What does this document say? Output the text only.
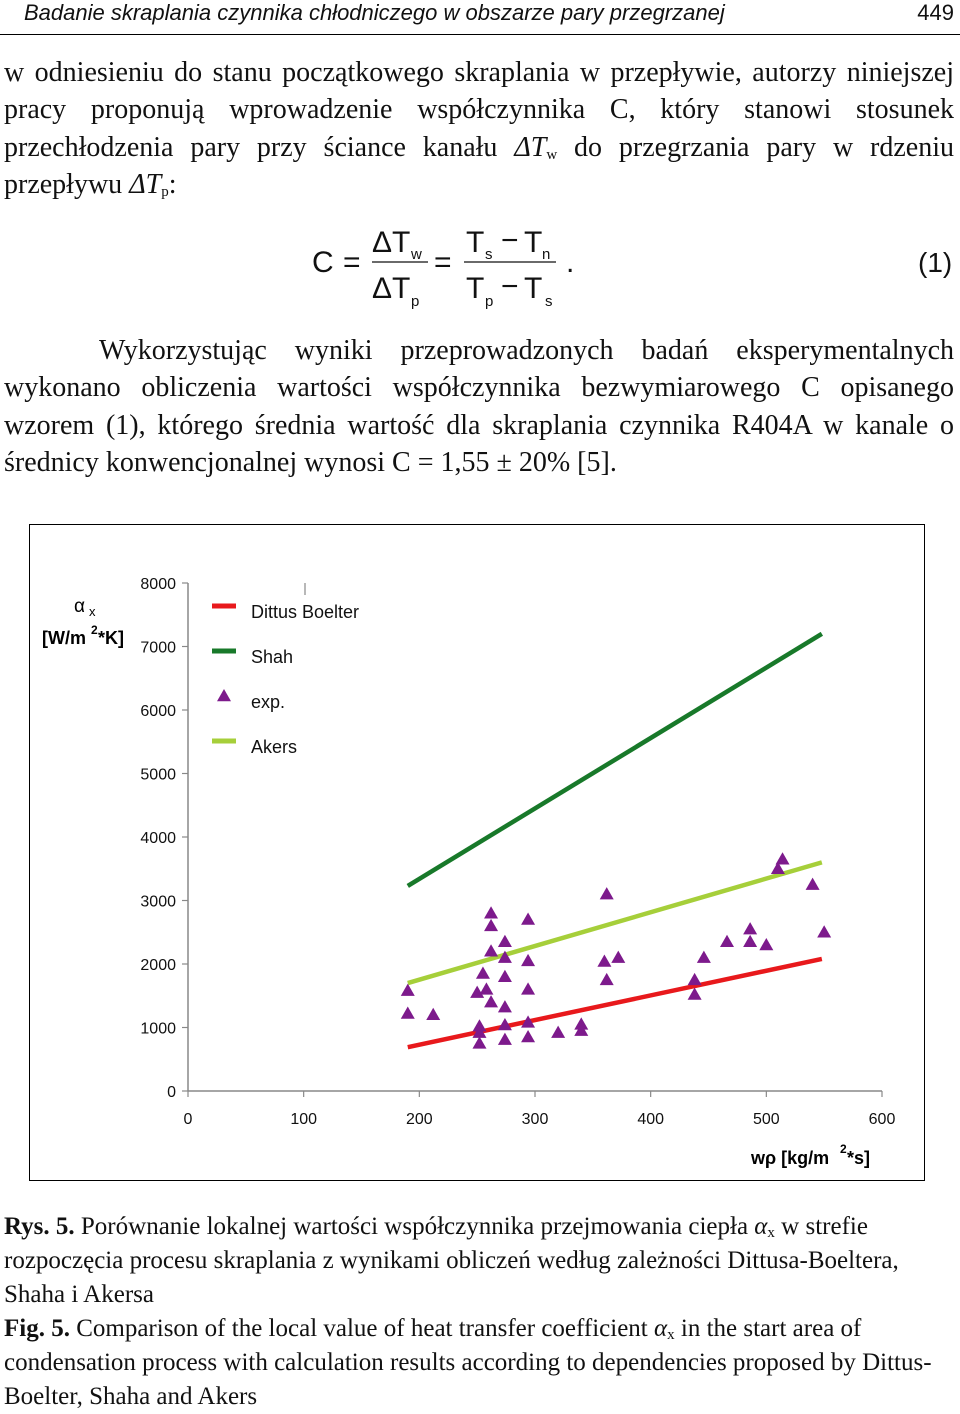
Badanie skraplania czynnika chłodniczego w obszarze pary przegrzanej	449
w odniesieniu do stanu początkowego skraplania w przepływie, autorzy niniejszej pracy proponują wprowadzenie współczynnika C, który stanowi stosunek przechłodzenia pary przy ściance kanału $\Delta T_w$ do przegrzania pary w rdzeniu przepływu $\Delta T_p$:
C =
ΔT w
ΔT p
=
T s − T n
T p − T s
.	(1)
Wykorzystując wyniki przeprowadzonych badań eksperymentalnych wykonano obliczenia wartości współczynnika bezwymiarowego C opisanego wzorem (1), którego średnia wartość dla skraplania czynnika R404A w kanale o średnicy konwencjonalnej wynosi C = 1,55 ± 20% [5].
0	100	200	300	400	500	600
0
1000
2000
3000
4000
5000
6000
7000
8000
Dittus Boelter
Shah
exp.
Akers
α x
[W/m 2 *K]
wρ [kg/m 2 *s]
Rys. 5. Porównanie lokalnej wartości współczynnika przejmowania ciepła $\alpha_x$ w strefie rozpoczęcia procesu skraplania z wynikami obliczeń według zależności Dittusa-Boeltera, Shaha i Akersa
Fig. 5. Comparison of the local value of heat transfer coefficient $\alpha_x$ in the start area of condensation process with calculation results according to dependencies proposed by Dittus-Boelter, Shaha and Akers
